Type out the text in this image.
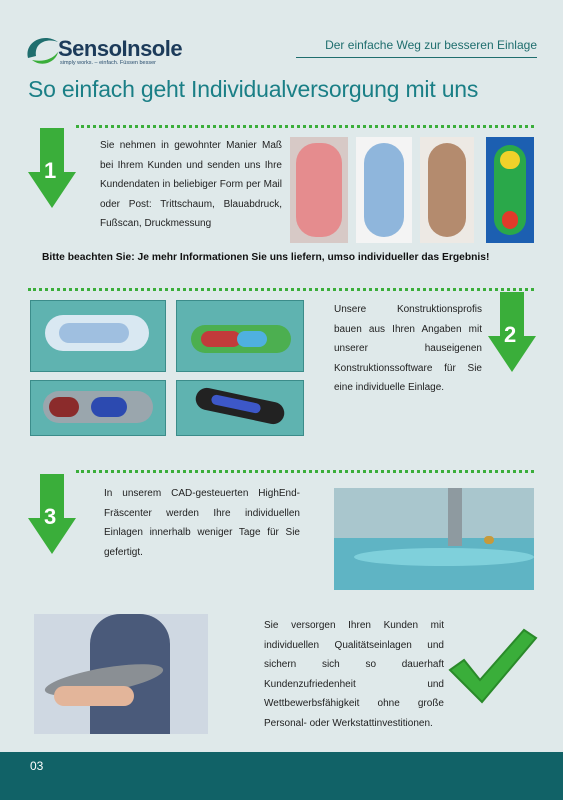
SensoInsole
simply works. – einfach. Füssen besser
Der einfache Weg zur besseren Einlage
So einfach geht Individualversorgung mit uns
1
Sie nehmen in gewohnter Manier Maß bei Ihrem Kunden und senden uns Ihre Kundendaten in beliebiger Form per Mail oder Post: Trittschaum, Blauabdruck, Fußscan, Druckmessung
Bitte beachten Sie: Je mehr Informationen Sie uns liefern, umso individueller das Ergebnis!
Unsere Konstruktionsprofis bauen aus Ihren Angaben mit unserer hauseigenen Konstruktionssoftware für Sie eine individuelle Einlage.
2
3
In unserem CAD-gesteuerten HighEnd-Fräscenter werden Ihre individuellen Einlagen innerhalb weniger Tage für Sie gefertigt.
Sie versorgen Ihren Kunden mit individuellen Qualitätseinlagen und sichern sich so dauerhaft Kundenzufriedenheit und Wettbewerbsfähigkeit ohne große Personal- oder Werkstattinvestitionen.
03
